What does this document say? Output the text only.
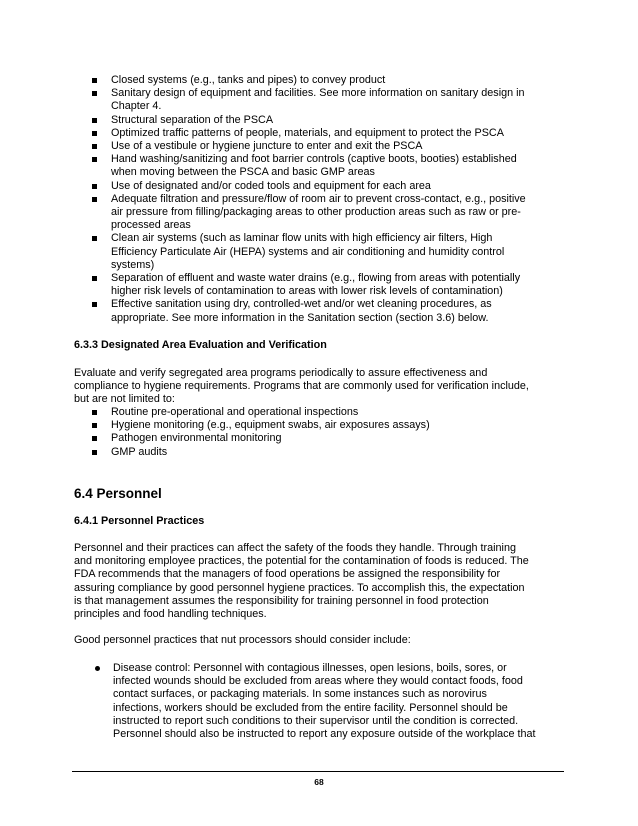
Closed systems (e.g., tanks and pipes) to convey product
Sanitary design of equipment and facilities. See more information on sanitary design in
Chapter 4.
Structural separation of the PSCA
Optimized traffic patterns of people, materials, and equipment to protect the PSCA
Use of a vestibule or hygiene juncture to enter and exit the PSCA
Hand washing/sanitizing and foot barrier controls (captive boots, booties) established
when moving between the PSCA and basic GMP areas
Use of designated and/or coded tools and equipment for each area
Adequate filtration and pressure/flow of room air to prevent cross-contact, e.g., positive
air pressure from filling/packaging areas to other production areas such as raw or pre-
processed areas
Clean air systems (such as laminar flow units with high efficiency air filters, High
Efficiency Particulate Air (HEPA) systems and air conditioning and humidity control
systems)
Separation of effluent and waste water drains (e.g., flowing from areas with potentially
higher risk levels of contamination to areas with lower risk levels of contamination)
Effective sanitation using dry, controlled-wet and/or wet cleaning procedures, as
appropriate. See more information in the Sanitation section (section 3.6) below.
6.3.3 Designated Area Evaluation and Verification
Evaluate and verify segregated area programs periodically to assure effectiveness and
compliance to hygiene requirements. Programs that are commonly used for verification include,
but are not limited to:
Routine pre-operational and operational inspections
Hygiene monitoring (e.g., equipment swabs, air exposures assays)
Pathogen environmental monitoring
GMP audits
6.4 Personnel
6.4.1 Personnel Practices
Personnel and their practices can affect the safety of the foods they handle. Through training
and monitoring employee practices, the potential for the contamination of foods is reduced. The
FDA recommends that the managers of food operations be assigned the responsibility for
assuring compliance by good personnel hygiene practices. To accomplish this, the expectation
is that management assumes the responsibility for training personnel in food protection
principles and food handling techniques.
Good personnel practices that nut processors should consider include:
Disease control: Personnel with contagious illnesses, open lesions, boils, sores, or
infected wounds should be excluded from areas where they would contact foods, food
contact surfaces, or packaging materials. In some instances such as norovirus
infections, workers should be excluded from the entire facility. Personnel should be
instructed to report such conditions to their supervisor until the condition is corrected.
Personnel should also be instructed to report any exposure outside of the workplace that
68
